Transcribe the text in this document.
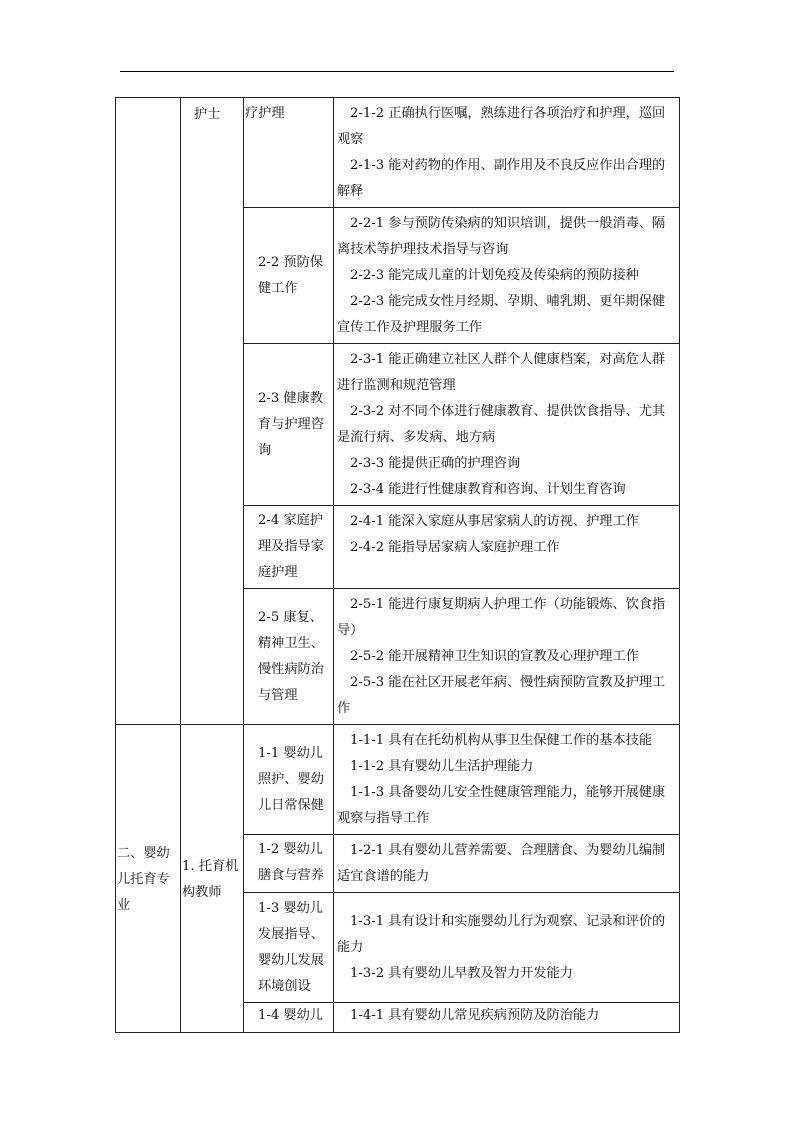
	护士	疗护理	2-1-2 正确执行医嘱，熟练进行各项治疗和护理，巡回观察
2-1-3 能对药物的作用、副作用及不良反应作出合理的解释

		2-2 预防保健工作	2-2-1 参与预防传染病的知识培训，提供一般消毒、隔离技术等护理技术指导与咨询
2-2-3 能完成儿童的计划免疫及传染病的预防接种
2-2-3 能完成女性月经期、孕期、哺乳期、更年期保健宣传工作及护理服务工作

		2-3 健康教育与护理咨询	2-3-1 能正确建立社区人群个人健康档案，对高危人群进行监测和规范管理
2-3-2 对不同个体进行健康教育、提供饮食指导、尤其是流行病、多发病、地方病
2-3-3 能提供正确的护理咨询
2-3-4 能进行性健康教育和咨询、计划生育咨询

		2-4 家庭护理及指导家庭护理	2-4-1 能深入家庭从事居家病人的访视、护理工作
2-4-2 能指导居家病人家庭护理工作

		2-5 康复、精神卫生、慢性病防治与管理	2-5-1 能进行康复期病人护理工作（功能锻炼、饮食指导）
2-5-2 能开展精神卫生知识的宣教及心理护理工作
2-5-3 能在社区开展老年病、慢性病预防宣教及护理工作

二、婴幼儿托育专业	1. 托育机构教师	1-1 婴幼儿照护、婴幼儿日常保健	1-1-1 具有在托幼机构从事卫生保健工作的基本技能
1-1-2 具有婴幼儿生活护理能力
1-1-3 具备婴幼儿安全性健康管理能力，能够开展健康观察与指导工作

		1-2 婴幼儿膳食与营养	1-2-1 具有婴幼儿营养需要、合理膳食、为婴幼儿编制适宜食谱的能力

		1-3 婴幼儿发展指导、婴幼儿发展环境创设	1-3-1 具有设计和实施婴幼儿行为观察、记录和评价的能力
1-3-2 具有婴幼儿早教及智力开发能力

		1-4 婴幼儿	1-4-1 具有婴幼儿常见疾病预防及防治能力
